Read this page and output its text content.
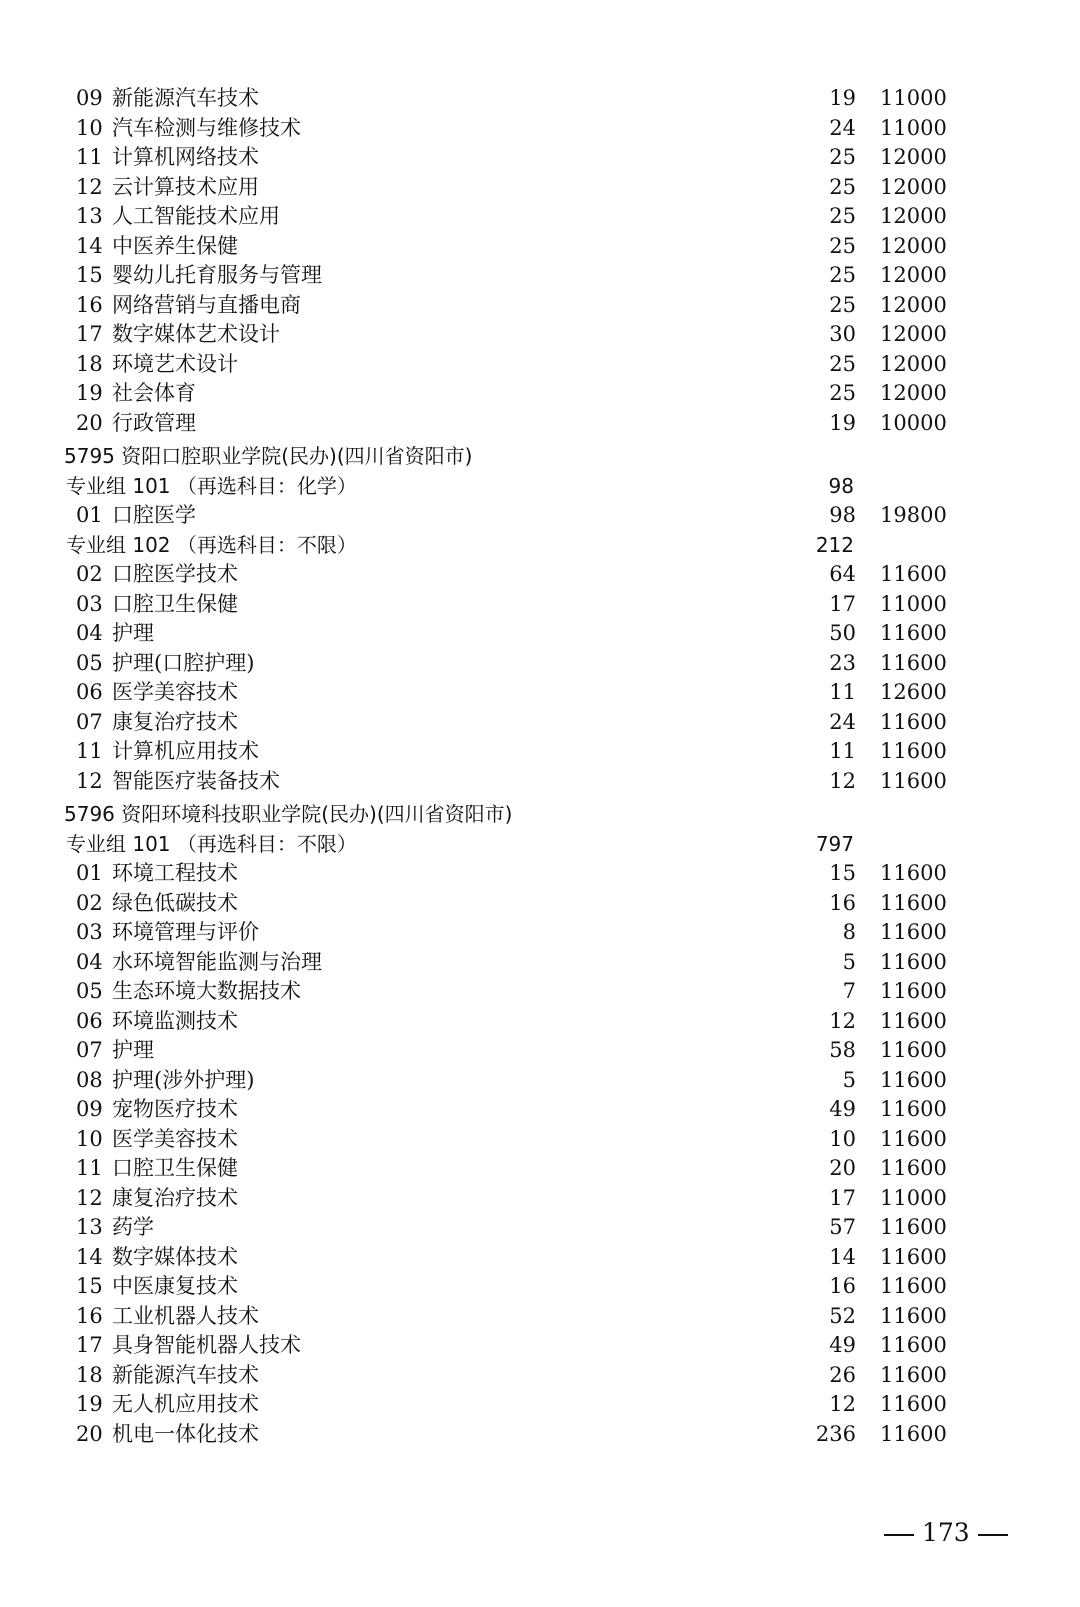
09 新能源汽车技术	19 11000
10 汽车检测与维修技术	24 11000
11 计算机网络技术	25 12000
12 云计算技术应用	25 12000
13 人工智能技术应用	25 12000
14 中医养生保健	25 12000
15 婴幼儿托育服务与管理	25 12000
16 网络营销与直播电商	25 12000
17 数字媒体艺术设计	30 12000
18 环境艺术设计	25 12000
19 社会体育	25 12000
20 行政管理	19 10000
5795 资阳口腔职业学院(民办)(四川省资阳市)
专业组 101 （再选科目：化学）	98
01 口腔医学	98 19800
专业组 102 （再选科目：不限）	212
02 口腔医学技术	64 11600
03 口腔卫生保健	17 11000
04 护理	50 11600
05 护理(口腔护理)	23 11600
06 医学美容技术	11 12600
07 康复治疗技术	24 11600
11 计算机应用技术	11 11600
12 智能医疗装备技术	12 11600
5796 资阳环境科技职业学院(民办)(四川省资阳市)
专业组 101 （再选科目：不限）	797
01 环境工程技术	15 11600
02 绿色低碳技术	16 11600
03 环境管理与评价	8 11600
04 水环境智能监测与治理	5 11600
05 生态环境大数据技术	7 11600
06 环境监测技术	12 11600
07 护理	58 11600
08 护理(涉外护理)	5 11600
09 宠物医疗技术	49 11600
10 医学美容技术	10 11600
11 口腔卫生保健	20 11600
12 康复治疗技术	17 11000
13 药学	57 11600
14 数字媒体技术	14 11600
15 中医康复技术	16 11600
16 工业机器人技术	52 11600
17 具身智能机器人技术	49 11600
18 新能源汽车技术	26 11600
19 无人机应用技术	12 11600
20 机电一体化技术	236 11600
173
